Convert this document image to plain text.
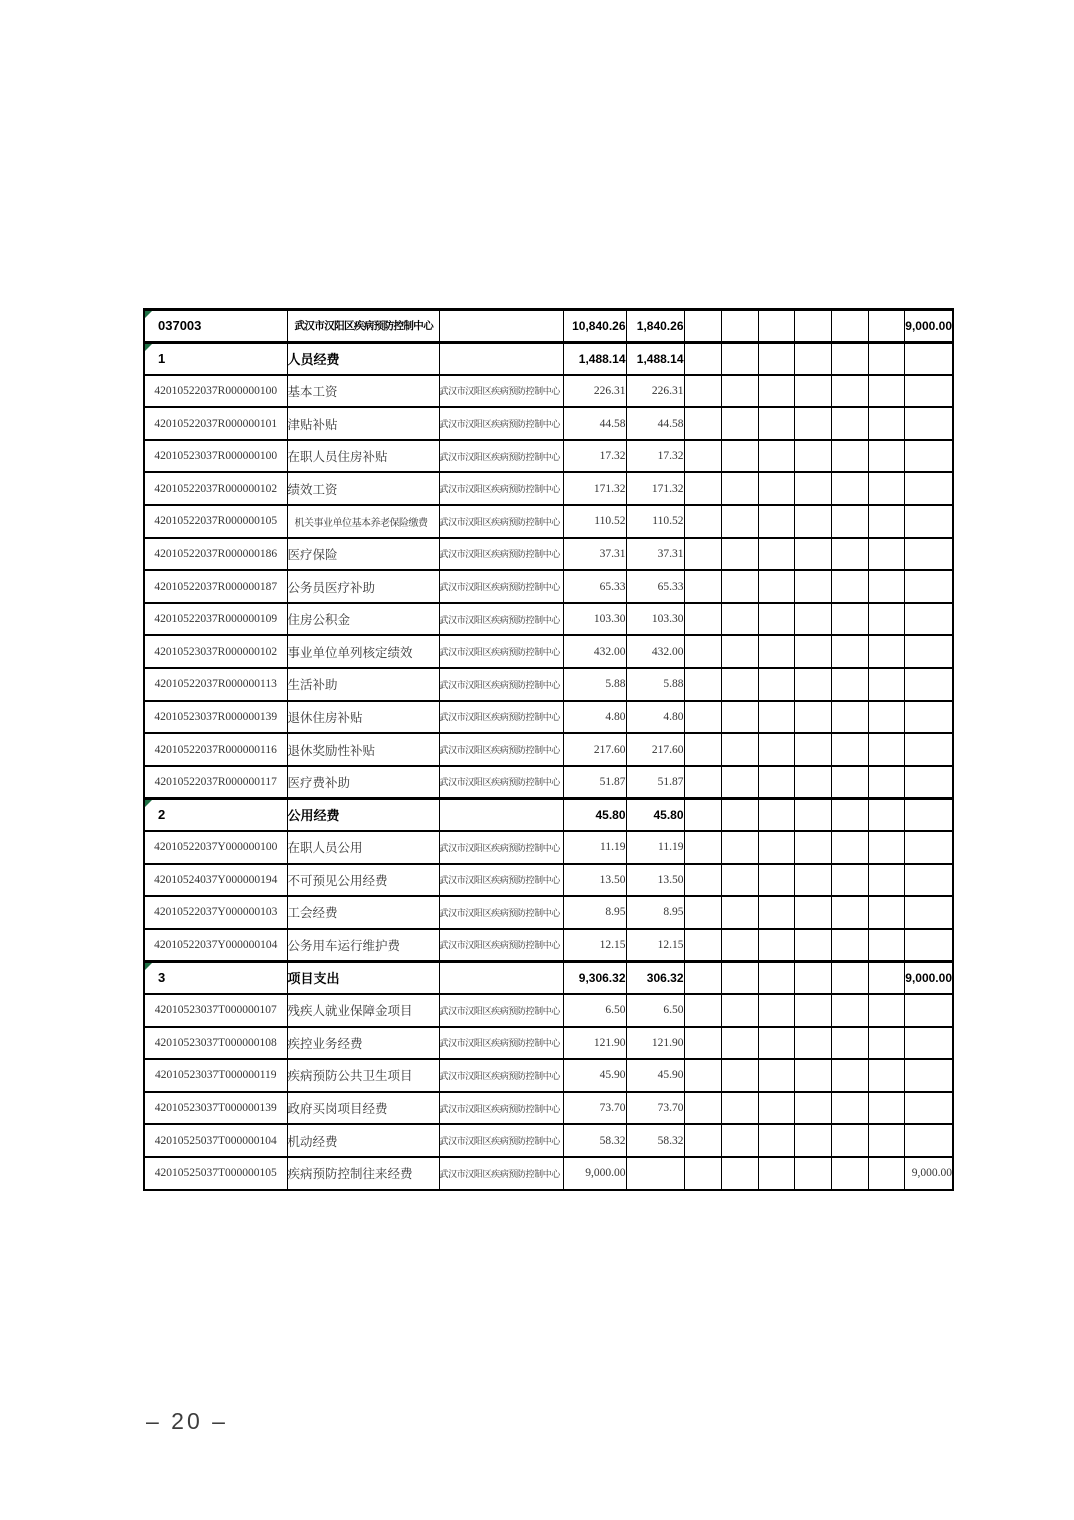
037003	武汉市汉阳区疾病预防控制中心		10,840.26	1,840.26							9,000.00
1	人员经费		1,488.14	1,488.14							
42010522037R000000100	基本工资	武汉市汉阳区疾病预防控制中心	226.31	226.31							
42010522037R000000101	津贴补贴	武汉市汉阳区疾病预防控制中心	44.58	44.58							
42010523037R000000100	在职人员住房补贴	武汉市汉阳区疾病预防控制中心	17.32	17.32							
42010522037R000000102	绩效工资	武汉市汉阳区疾病预防控制中心	171.32	171.32							
42010522037R000000105	机关事业单位基本养老保险缴费	武汉市汉阳区疾病预防控制中心	110.52	110.52							
42010522037R000000186	医疗保险	武汉市汉阳区疾病预防控制中心	37.31	37.31							
42010522037R000000187	公务员医疗补助	武汉市汉阳区疾病预防控制中心	65.33	65.33							
42010522037R000000109	住房公积金	武汉市汉阳区疾病预防控制中心	103.30	103.30							
42010523037R000000102	事业单位单列核定绩效	武汉市汉阳区疾病预防控制中心	432.00	432.00							
42010522037R000000113	生活补助	武汉市汉阳区疾病预防控制中心	5.88	5.88							
42010523037R000000139	退休住房补贴	武汉市汉阳区疾病预防控制中心	4.80	4.80							
42010522037R000000116	退休奖励性补贴	武汉市汉阳区疾病预防控制中心	217.60	217.60							
42010522037R000000117	医疗费补助	武汉市汉阳区疾病预防控制中心	51.87	51.87							
2	公用经费		45.80	45.80							
42010522037Y000000100	在职人员公用	武汉市汉阳区疾病预防控制中心	11.19	11.19							
42010524037Y000000194	不可预见公用经费	武汉市汉阳区疾病预防控制中心	13.50	13.50							
42010522037Y000000103	工会经费	武汉市汉阳区疾病预防控制中心	8.95	8.95							
42010522037Y000000104	公务用车运行维护费	武汉市汉阳区疾病预防控制中心	12.15	12.15							
3	项目支出		9,306.32	306.32							9,000.00
42010523037T000000107	残疾人就业保障金项目	武汉市汉阳区疾病预防控制中心	6.50	6.50							
42010523037T000000108	疾控业务经费	武汉市汉阳区疾病预防控制中心	121.90	121.90							
42010523037T000000119	疾病预防公共卫生项目	武汉市汉阳区疾病预防控制中心	45.90	45.90							
42010523037T000000139	政府买岗项目经费	武汉市汉阳区疾病预防控制中心	73.70	73.70							
42010525037T000000104	机动经费	武汉市汉阳区疾病预防控制中心	58.32	58.32							
42010525037T000000105	疾病预防控制往来经费	武汉市汉阳区疾病预防控制中心	9,000.00								9,000.00
– 20 –
